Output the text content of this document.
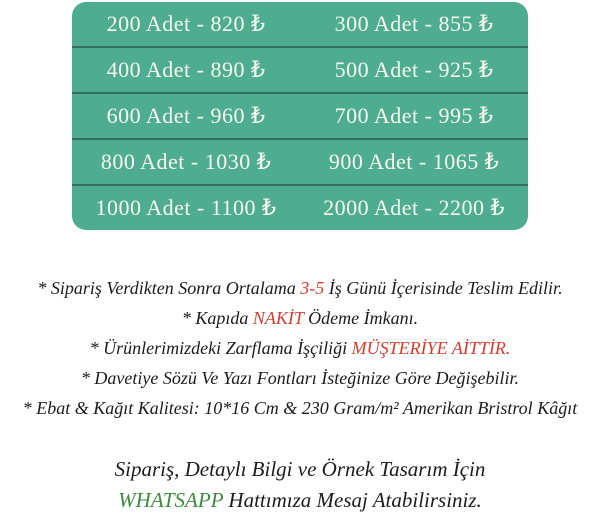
200 Adet - 820 ₺	300 Adet - 855 ₺
400 Adet - 890 ₺	500 Adet - 925 ₺
600 Adet - 960 ₺	700 Adet - 995 ₺
800 Adet - 1030 ₺	900 Adet - 1065 ₺
1000 Adet - 1100 ₺	2000 Adet - 2200 ₺
* Sipariş Verdikten Sonra Ortalama 3-5 İş Günü İçerisinde Teslim Edilir.
* Kapıda NAKİT Ödeme İmkanı.
* Ürünlerimizdeki Zarflama İşçiliği MÜŞTERİYE AİTTİR.
* Davetiye Sözü Ve Yazı Fontları İsteğinize Göre Değişebilir.
* Ebat & Kağıt Kalitesi: 10*16 Cm & 230 Gram/m² Amerikan Bristrol Kâğıt
Sipariş, Detaylı Bilgi ve Örnek Tasarım İçin
WHATSAPP Hattımıza Mesaj Atabilirsiniz.
